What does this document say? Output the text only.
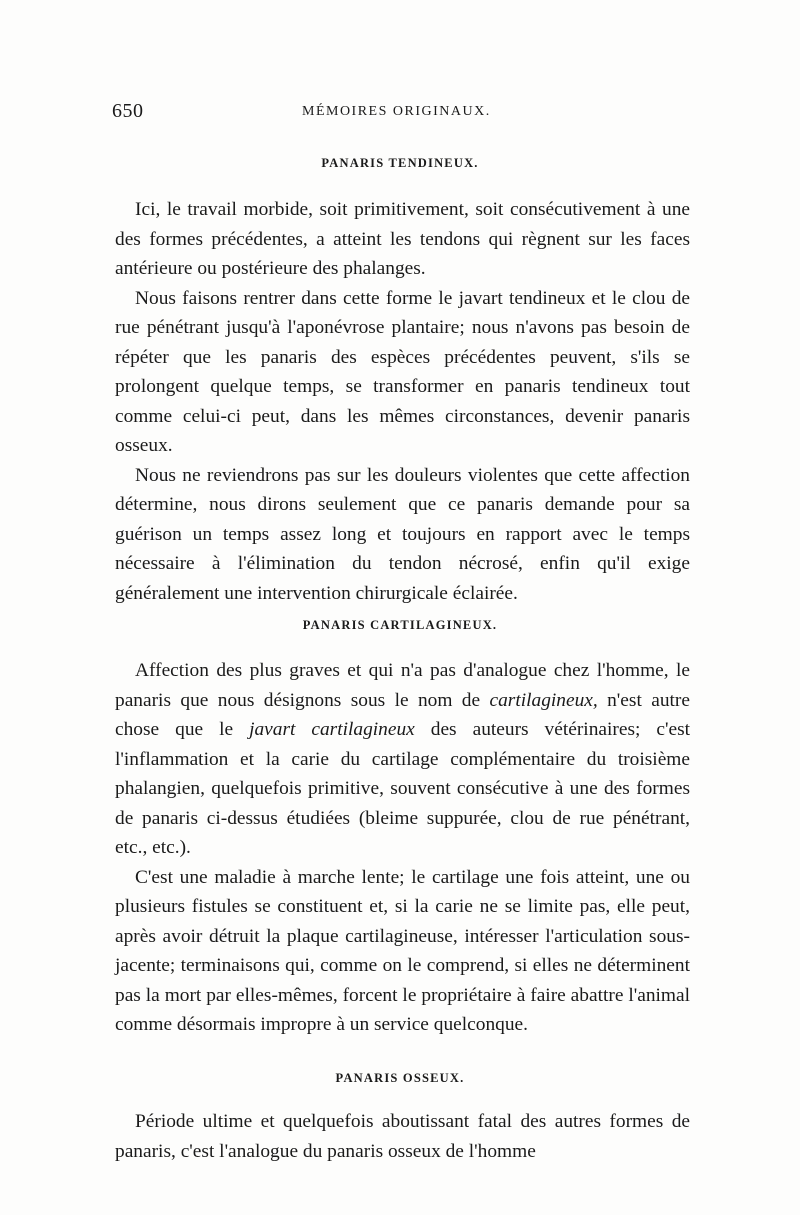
650	MÉMOIRES ORIGINAUX.
PANARIS TENDINEUX.

Ici, le travail morbide, soit primitivement, soit consécutivement à une des formes précédentes, a atteint les tendons qui règnent sur les faces antérieure ou postérieure des phalanges.

Nous faisons rentrer dans cette forme le javart tendineux et le clou de rue pénétrant jusqu'à l'aponévrose plantaire; nous n'avons pas besoin de répéter que les panaris des espèces précédentes peuvent, s'ils se prolongent quelque temps, se transformer en panaris tendineux tout comme celui-ci peut, dans les mêmes circonstances, devenir panaris osseux.

Nous ne reviendrons pas sur les douleurs violentes que cette affection détermine, nous dirons seulement que ce panaris demande pour sa guérison un temps assez long et toujours en rapport avec le temps nécessaire à l'élimination du tendon nécrosé, enfin qu'il exige généralement une intervention chirurgicale éclairée.

PANARIS CARTILAGINEUX.

Affection des plus graves et qui n'a pas d'analogue chez l'homme, le panaris que nous désignons sous le nom de cartilagineux, n'est autre chose que le javart cartilagineux des auteurs vétérinaires; c'est l'inflammation et la carie du cartilage complémentaire du troisième phalangien, quelquefois primitive, souvent consécutive à une des formes de panaris ci-dessus étudiées (bleime suppurée, clou de rue pénétrant, etc., etc.).

C'est une maladie à marche lente; le cartilage une fois atteint, une ou plusieurs fistules se constituent et, si la carie ne se limite pas, elle peut, après avoir détruit la plaque cartilagineuse, intéresser l'articulation sous-jacente; terminaisons qui, comme on le comprend, si elles ne déterminent pas la mort par elles-mêmes, forcent le propriétaire à faire abattre l'animal comme désormais impropre à un service quelconque.

PANARIS OSSEUX.

Période ultime et quelquefois aboutissant fatal des autres formes de panaris, c'est l'analogue du panaris osseux de l'homme
